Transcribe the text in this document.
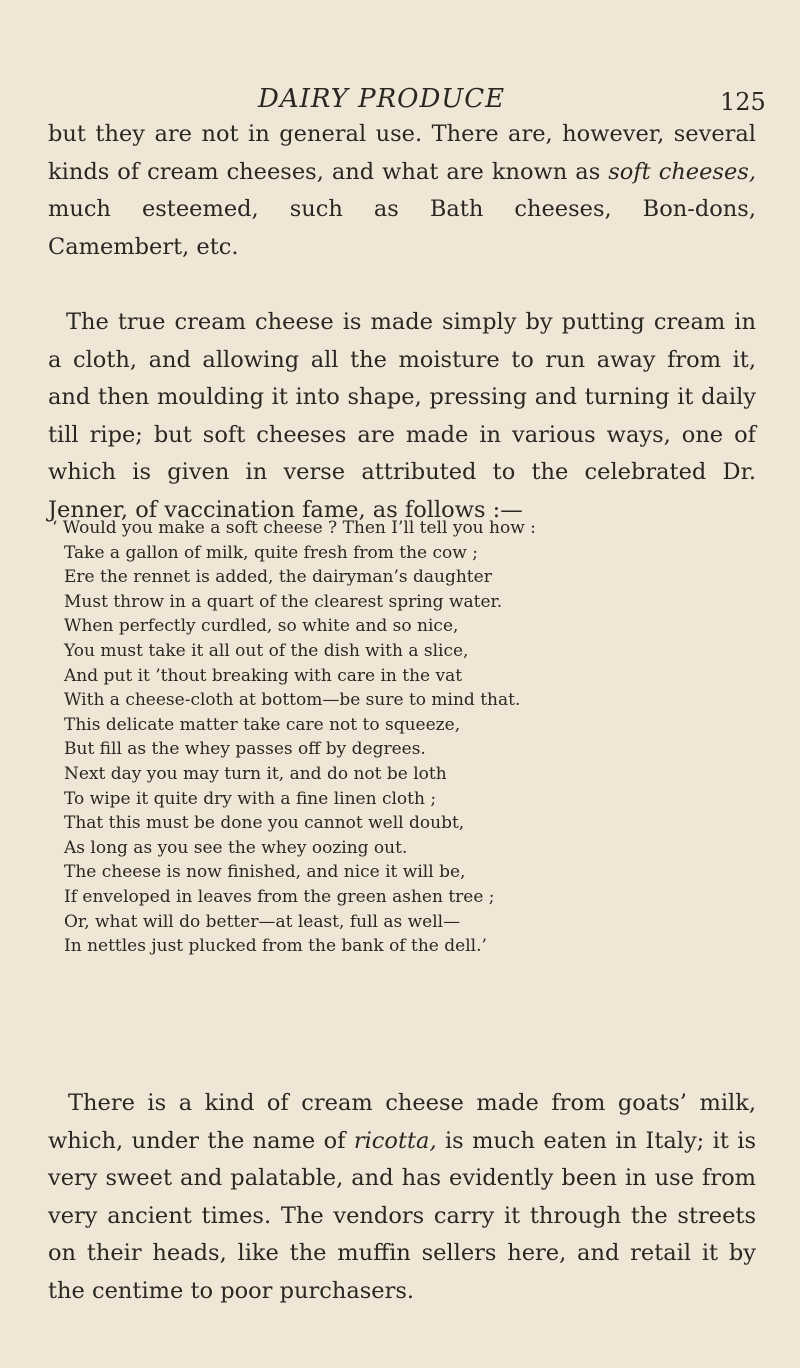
DAIRY PRODUCE	125

but they are not in general use. There are, however, several kinds of cream cheeses, and what are known as soft cheeses, much esteemed, such as Bath cheeses, Bon-dons, Camembert, etc.

The true cream cheese is made simply by putting cream in a cloth, and allowing all the moisture to run away from it, and then moulding it into shape, pressing and turning it daily till ripe; but soft cheeses are made in various ways, one of which is given in verse attributed to the celebrated Dr. Jenner, of vaccination fame, as follows :—

‘ Would you make a soft cheese ? Then I’ll tell you how :
Take a gallon of milk, quite fresh from the cow ;
Ere the rennet is added, the dairyman’s daughter
Must throw in a quart of the clearest spring water.
When perfectly curdled, so white and so nice,
You must take it all out of the dish with a slice,
And put it ’thout breaking with care in the vat
With a cheese-cloth at bottom—be sure to mind that.
This delicate matter take care not to squeeze,
But fill as the whey passes off by degrees.
Next day you may turn it, and do not be loth
To wipe it quite dry with a fine linen cloth ;
That this must be done you cannot well doubt,
As long as you see the whey oozing out.
The cheese is now finished, and nice it will be,
If enveloped in leaves from the green ashen tree ;
Or, what will do better—at least, full as well—
In nettles just plucked from the bank of the dell.’

There is a kind of cream cheese made from goats’ milk, which, under the name of ricotta, is much eaten in Italy; it is very sweet and palatable, and has evidently been in use from very ancient times. The vendors carry it through the streets on their heads, like the muffin sellers here, and retail it by the centime to poor purchasers.
